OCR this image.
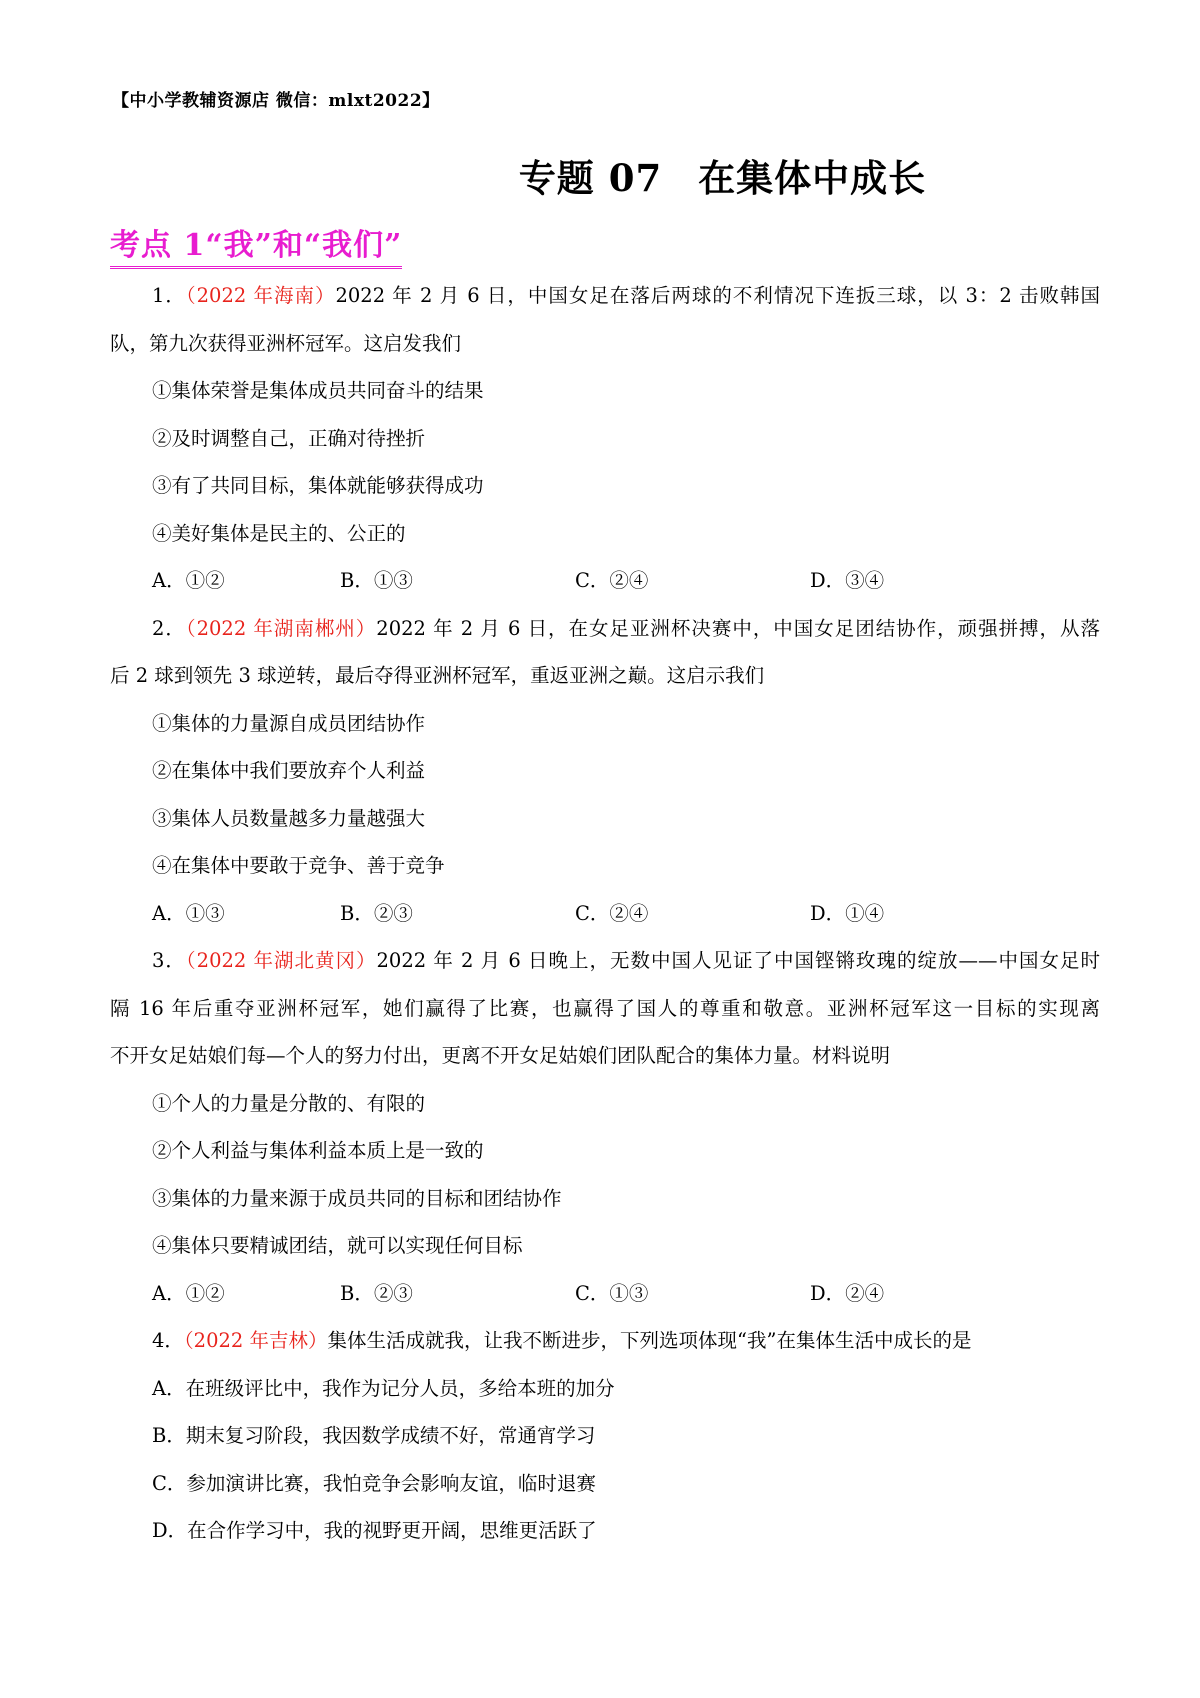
【中小学教辅资源店 微信：mlxt2022】
专题 07 在集体中成长
考点 1“我”和“我们”
1．（2022 年海南）2022 年 2 月 6 日，中国女足在落后两球的不利情况下连扳三球，以 3：2 击败韩国
队，第九次获得亚洲杯冠军。这启发我们
①集体荣誉是集体成员共同奋斗的结果
②及时调整自己，正确对待挫折
③有了共同目标，集体就能够获得成功
④美好集体是民主的、公正的
A．①②	B．①③	C．②④	D．③④
2．（2022 年湖南郴州）2022 年 2 月 6 日，在女足亚洲杯决赛中，中国女足团结协作，顽强拼搏，从落
后 2 球到领先 3 球逆转，最后夺得亚洲杯冠军，重返亚洲之巅。这启示我们
①集体的力量源自成员团结协作
②在集体中我们要放弃个人利益
③集体人员数量越多力量越强大
④在集体中要敢于竞争、善于竞争
A．①③	B．②③	C．②④	D．①④
3．（2022 年湖北黄冈）2022 年 2 月 6 日晚上，无数中国人见证了中国铿锵玫瑰的绽放——中国女足时
隔 16 年后重夺亚洲杯冠军，她们赢得了比赛，也赢得了国人的尊重和敬意。亚洲杯冠军这一目标的实现离
不开女足姑娘们每—个人的努力付出，更离不开女足姑娘们团队配合的集体力量。材料说明
①个人的力量是分散的、有限的
②个人利益与集体利益本质上是一致的
③集体的力量来源于成员共同的目标和团结协作
④集体只要精诚团结，就可以实现任何目标
A．①②	B．②③	C．①③	D．②④
4．（2022 年吉林）集体生活成就我，让我不断进步，下列选项体现“我”在集体生活中成长的是
A．在班级评比中，我作为记分人员，多给本班的加分
B．期末复习阶段，我因数学成绩不好，常通宵学习
C．参加演讲比赛，我怕竞争会影响友谊，临时退赛
D．在合作学习中，我的视野更开阔，思维更活跃了
